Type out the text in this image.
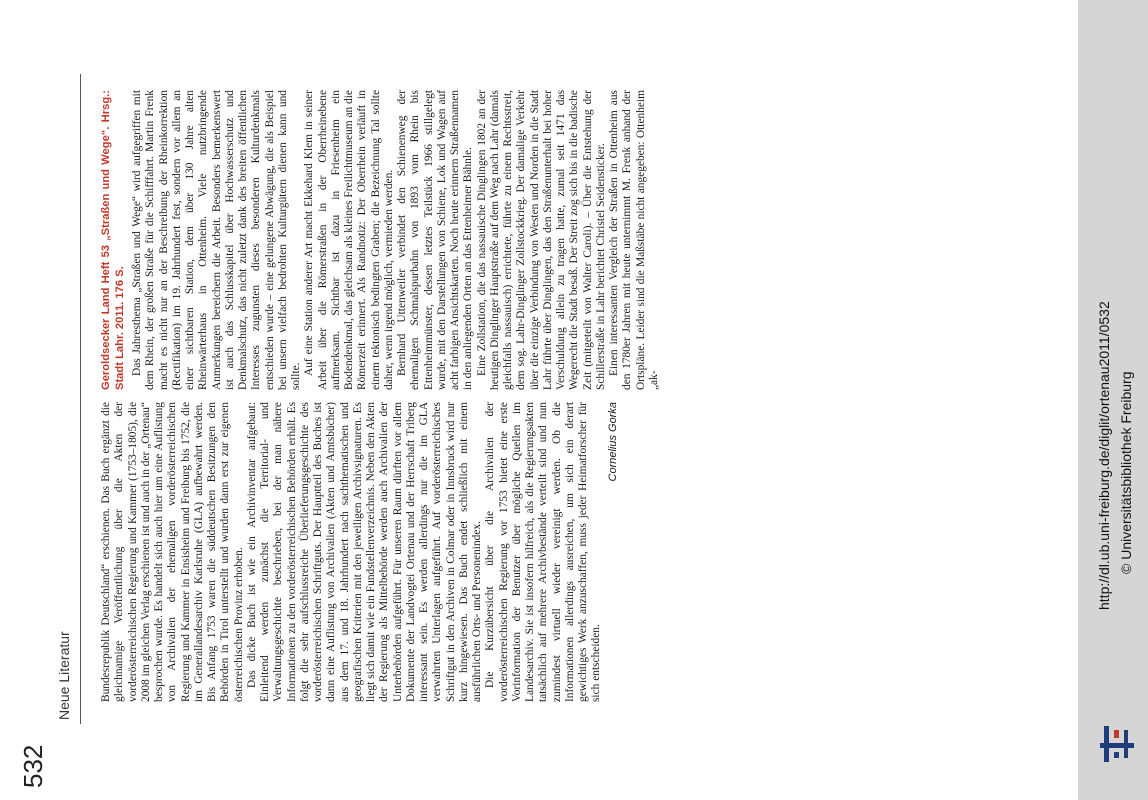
532
Neue Literatur Bundesrepublik Deutschland“ erschienen. Das Buch ergänzt die gleichnamige Veröffentlichung über die Akten der vorderösterreichischen Regierung und Kammer (1753–1805), die 2008 im gleichen Verlag erschienen ist und auch in der „Ortenau“ besprochen wurde. Es handelt sich auch hier um eine Auflistung von Archivalien der ehemaligen vorderösterreichischen Regierung und Kammer in Ensisheim und Freiburg bis 1752, die im Generallandesarchiv Karlsruhe (GLA) aufbewahrt werden. Bis Anfang 1753 waren die süddeutschen Besitzungen den Behörden in Tirol unterstellt und wurden dann erst zur eigenen österreichischen Provinz erhoben. Das dicke Buch ist wie ein Archivinventar aufgebaut: Einleitend werden zunächst die Territorial- und Verwaltungsgeschichte beschrieben, bei der man nähere Informationen zu den vorderösterreichischen Behörden erhält. Es folgt die sehr aufschlussreiche Überlieferungsgeschichte des vorderösterreichischen Schriftguts. Der Hauptteil des Buches ist dann eine Auflistung von Archivalien (Akten und Amtsbücher) aus dem 17. und 18. Jahrhundert nach sachthematischen und geografischen Kriterien mit den jeweiligen Archivsignaturen. Es liegt sich damit wie ein Fundstellenverzeichnis. Neben den Akten der Regierung als Mittelbehörde werden auch Archivalien der Unterbehörden aufgeführt. Für unseren Raum dürften vor allem Dokumente der Landvogtei Ortenau und der Herrschaft Triberg interessant sein. Es werden allerdings nur die im GLA verwahrten Unterlagen aufgeführt. Auf vorderösterreichisches Schriftgut in den Archiven in Colmar oder in Innsbruck wird nur kurz hingewiesen. Das Buch endet schließlich mit einem ausführlichen Orts- und Personenindex. Die Kurzübersicht über die Archivalien der vorderösterreichischen Regierung vor 1753 bietet eine erste Vorinformation der Benutzer über mögliche Quellen im Landesarchiv. Sie ist insofern hilfreich, als die Regierungsakten tatsächlich auf mehrere Archivbestände verteilt sind und nun zumindest virtuell wieder vereinigt werden. Ob die Informationen allerdings ausreichen, um sich ein derart gewichtiges Werk anzuschaffen, muss jeder Heimatforscher für sich entscheiden.

Cornelius Gorka
Geroldsecker Land Heft 53 „Straßen und Wege“. Hrsg.: Stadt Lahr. 2011. 176 S. Das Jahresthema „Straßen und Wege“ wird aufgegriffen mit dem Rhein, der großen Straße für die Schifffahrt. Martin Frenk macht es nicht nur an der Beschreibung der Rheinkorrektion (Rectifikation) im 19. Jahrhundert fest, sondern vor allem an einer sichtbaren Station, dem über 130 Jahre alten Rheinwärterhaus in Ottenheim. Viele nutzbringende Anmerkungen bereichern die Arbeit. Besonders bemerkenswert ist auch das Schlusskapitel über Hochwasserschutz und Denkmalschutz, das nicht zuletzt dank des breiten öffentlichen Interesses zugunsten dieses besonderen Kulturdenkmals entschieden wurde – eine gelungene Abwägung, die als Beispiel bei unsern vielfach bedrohten Kulturgütern dienen kann und sollte.

Auf eine Station anderer Art macht Ekkehard Klem in seiner Arbeit über die Römerstraßen in der Oberrheinebene aufmerksam. Sichtbar ist dazu in Friesenheim ein Bodendenkmal, das gleichsam als kleines Freilichtmuseum an die Römerzeit erinnert. Als Randnotiz: Der Oberrhein verläuft in einem tektonisch bedingten Graben; die Bezeichnung Tal sollte daher, wenn irgend möglich, vermieden werden. Bernhard Uttenweiler verbindet den Schienenweg der ehemaligen Schmalspurbahn von 1893 vom Rhein bis Ettenheimmünster, dessen letztes Teilstück 1966 stillgelegt wurde, mit den Darstellungen von Schiene, Lok und Wagen auf acht farbigen Ansichtskarten. Noch heute erinnern Straßennamen in den anliegenden Orten an das Ettenheimer Bähnle. Eine Zollstation, die das nassauische Dinglingen 1802 an der heutigen Dinglinger Hauptstraße auf dem Weg nach Lahr (damals gleichfalls nassauisch) errichtete, führte zu einem Rechtsstreit, dem sog. Lahr-Dinglinger Zollstockkrieg. Der damalige Verkehr über die einzige Verbindung von Westen und Norden in die Stadt Lahr führte über Dinglingen, das den Straßenunterhalt bei hoher Verschuldung allein zu tragen hatte, zumal seit 1471 das Wegerecht die Stadt besaß. Der Streit zog sich bis in die badische Zeit (mitgeteilt von Walter Caroli). – Über die Entstehung der Schillerstraße in Lahr berichtet Christel Seidensticker. Einen interessanten Vergleich der Straßen in Ottenheim aus den 1780er Jahren mit heute unternimmt M. Frenk anhand der Ortspläne. Leider sind die Maßstäbe nicht angegeben: Ottenheim „ak-	http://dl.ub.uni-freiburg.de/diglit/ortenau2011/0532 © Universitätsbibliothek Freiburg
